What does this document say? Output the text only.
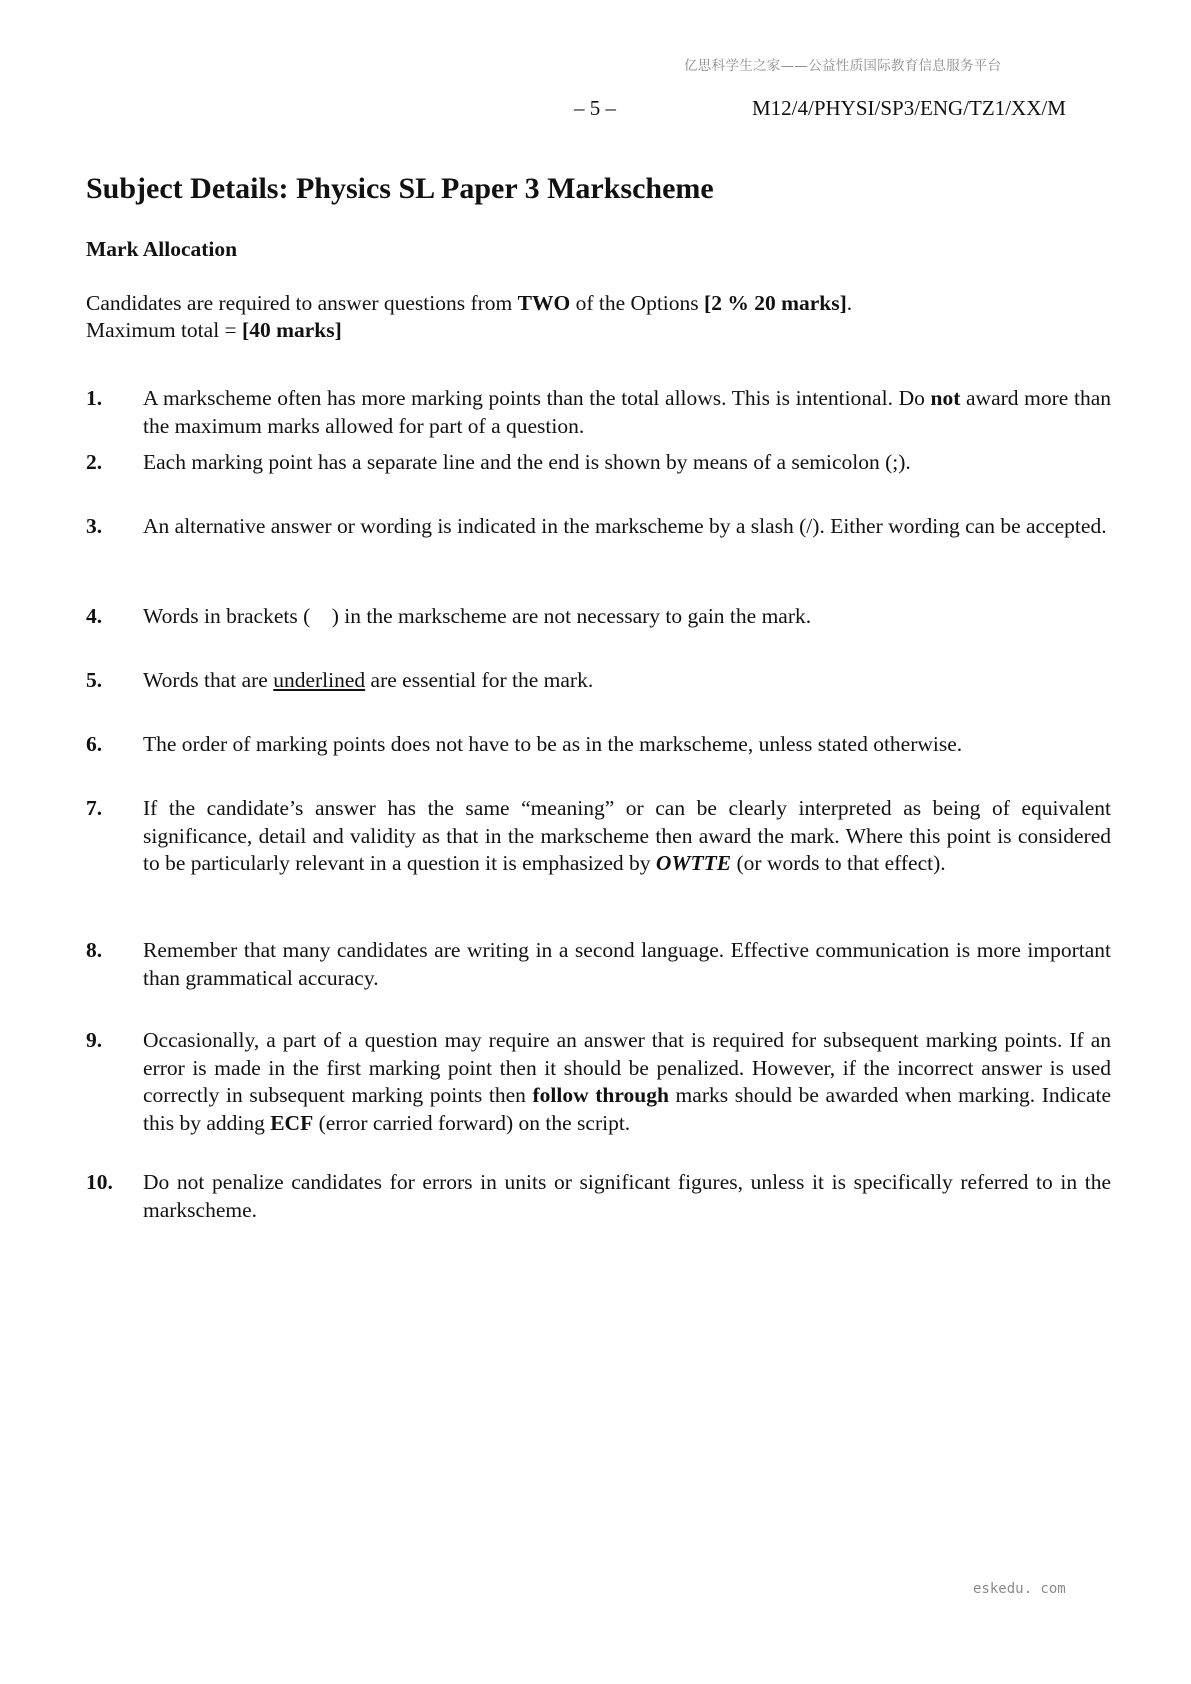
亿思科学生之家——公益性质国际教育信息服务平台
– 5 –	M12/4/PHYSI/SP3/ENG/TZ1/XX/M
Subject Details: Physics SL Paper 3 Markscheme
Mark Allocation

Candidates are required to answer questions from TWO of the Options [2 % 20 marks].

Maximum total = [40 marks]

1.	A markscheme often has more marking points than the total allows. This is intentional. Do not award more than the maximum marks allowed for part of a question.
2.	Each marking point has a separate line and the end is shown by means of a semicolon (;).
3.	An alternative answer or wording is indicated in the markscheme by a slash (/). Either wording can be accepted.
4.	Words in brackets (    ) in the markscheme are not necessary to gain the mark.
5.	Words that are underlined are essential for the mark.
6.	The order of marking points does not have to be as in the markscheme, unless stated otherwise.
7.	If the candidate’s answer has the same “meaning” or can be clearly interpreted as being of equivalent significance, detail and validity as that in the markscheme then award the mark. Where this point is considered to be particularly relevant in a question it is emphasized by OWTTE (or words to that effect).
8.	Remember that many candidates are writing in a second language. Effective communication is more important than grammatical accuracy.
9.	Occasionally, a part of a question may require an answer that is required for subsequent marking points. If an error is made in the first marking point then it should be penalized. However, if the incorrect answer is used correctly in subsequent marking points then follow through marks should be awarded when marking. Indicate this by adding ECF (error carried forward) on the script.
10.	Do not penalize candidates for errors in units or significant figures, unless it is specifically referred to in the markscheme.
eskedu. com
